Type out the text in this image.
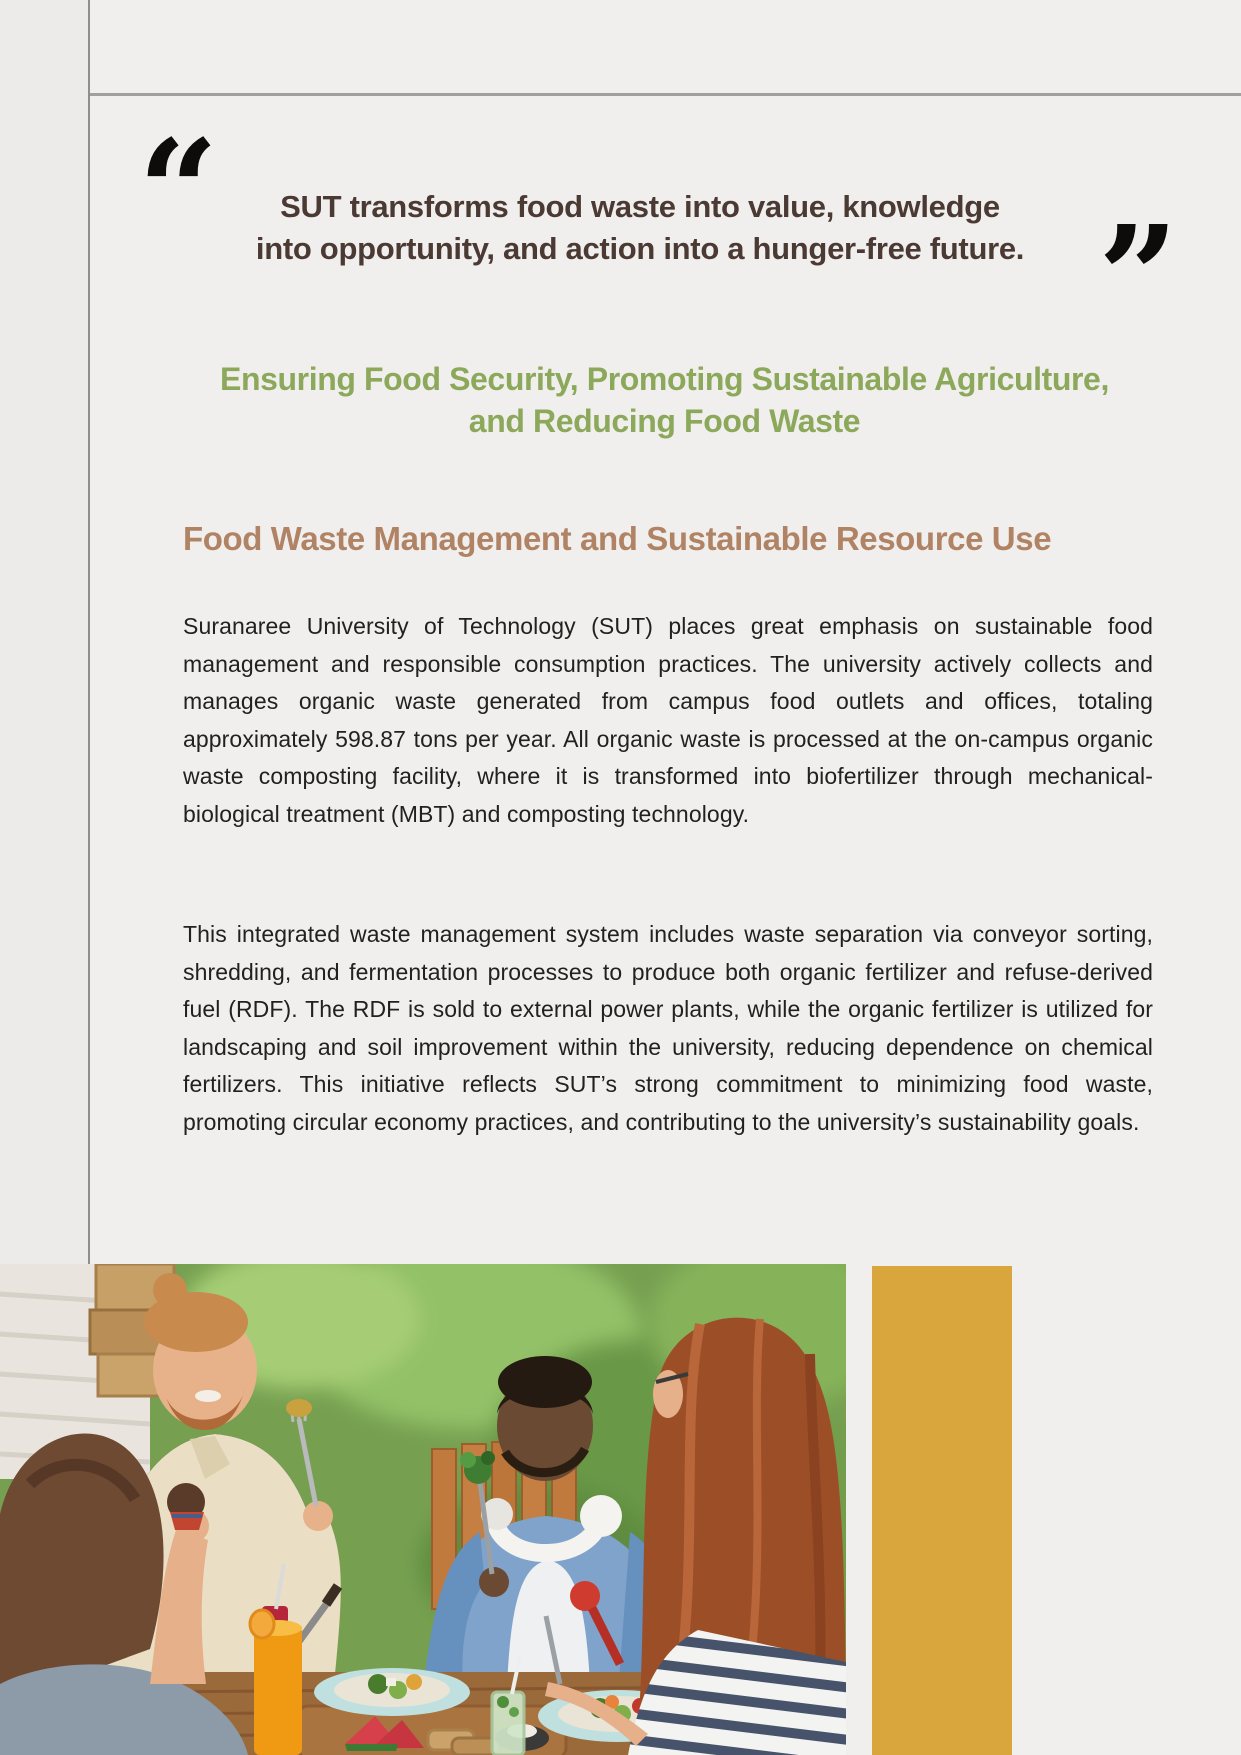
“
”
SUT transforms food waste into value, knowledge
into opportunity, and action into a hunger-free future.
Ensuring Food Security, Promoting Sustainable Agriculture,
and Reducing Food Waste
Food Waste Management and Sustainable Resource Use
Suranaree University of Technology (SUT) places great emphasis on sustainable food management and responsible consumption practices. The university actively collects and manages organic waste generated from campus food outlets and offices, totaling approximately 598.87 tons per year. All organic waste is processed at the on-campus organic waste composting facility, where it is transformed into biofertilizer through mechanical-biological treatment (MBT) and composting technology.
This integrated waste management system includes waste separation via conveyor sorting, shredding, and fermentation processes to produce both organic fertilizer and refuse-derived fuel (RDF). The RDF is sold to external power plants, while the organic fertilizer is utilized for landscaping and soil improvement within the university, reducing dependence on chemical fertilizers. This initiative reflects SUT’s strong commitment to minimizing food waste, promoting circular economy practices, and contributing to the university’s sustainability goals.
